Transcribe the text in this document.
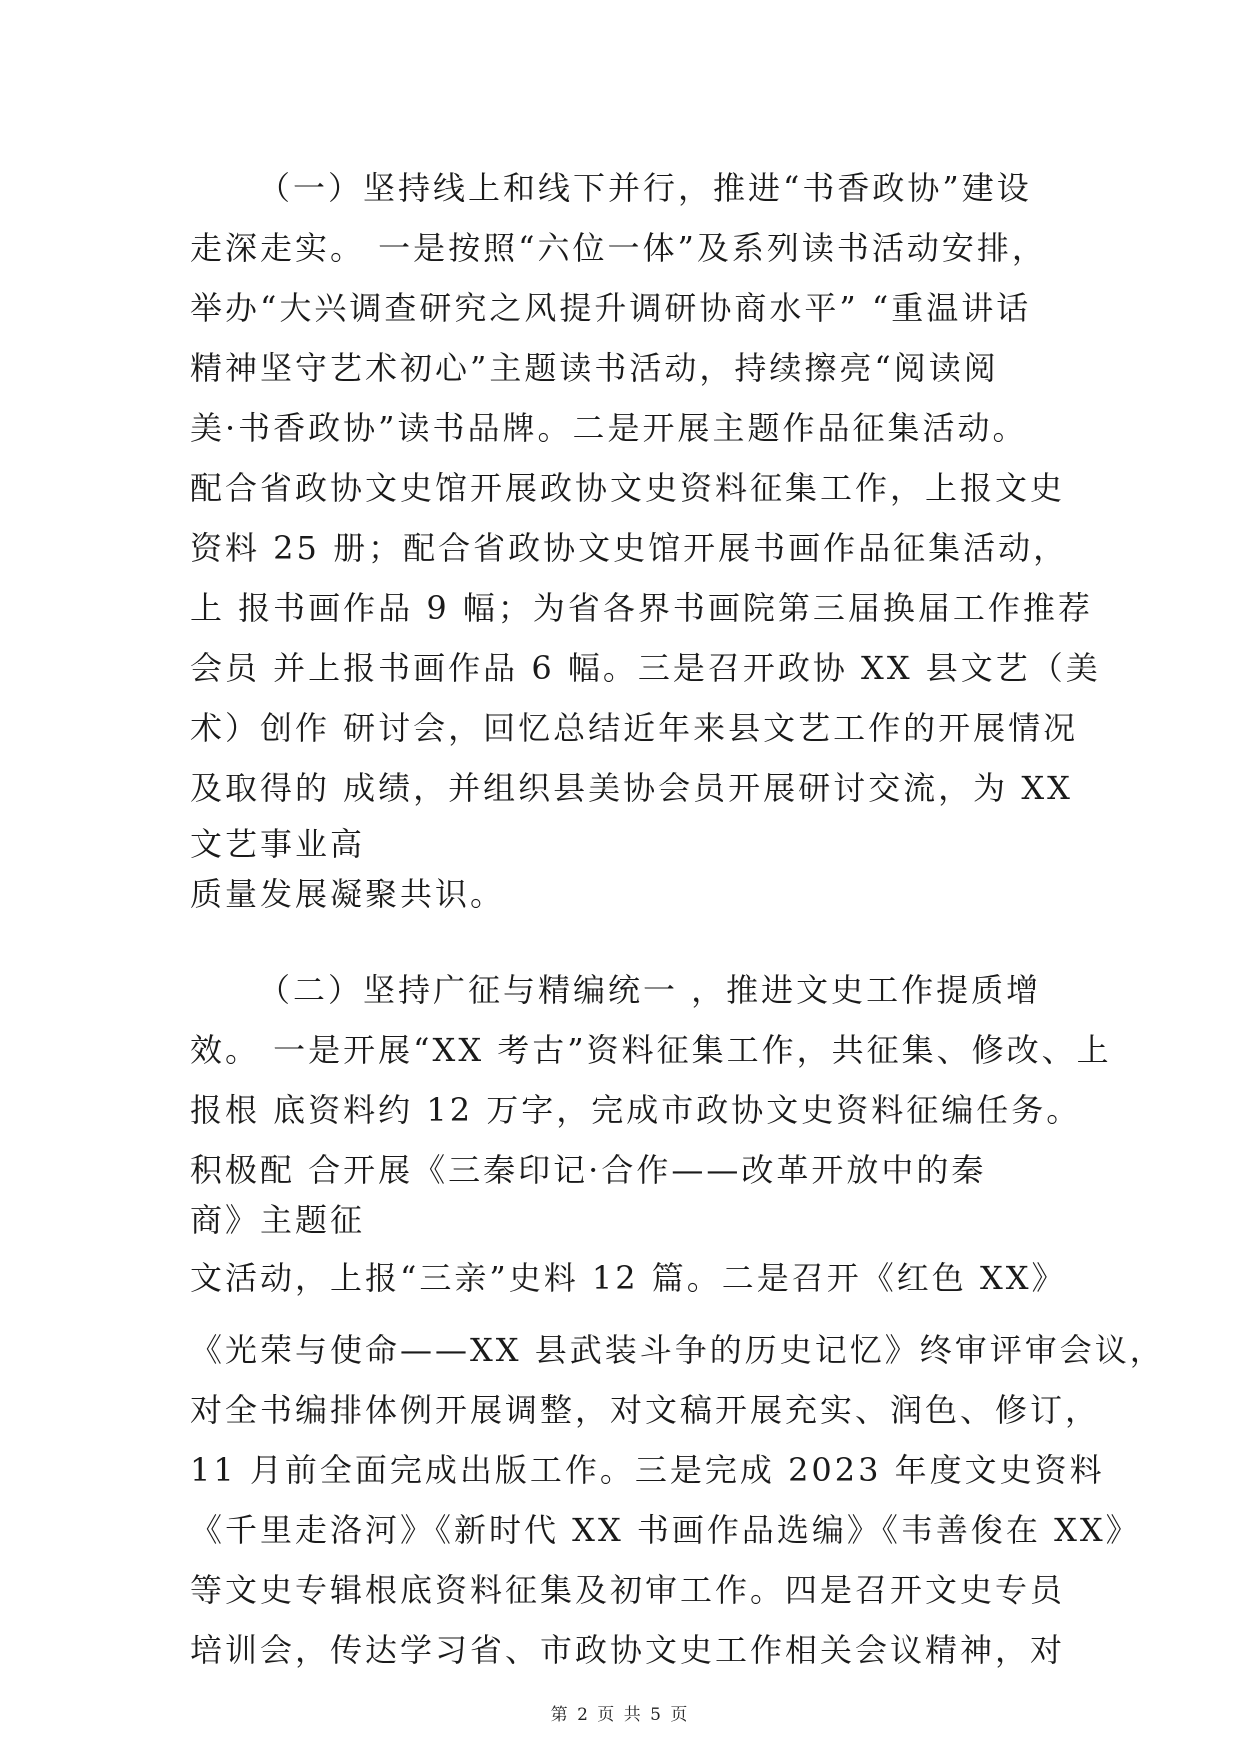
（一）坚持线上和线下并行，推进“书香政协”建设
走深走实。 一是按照“六位一体”及系列读书活动安排，
举办“大兴调查研究之风提升调研协商水平” “重温讲话
精神坚守艺术初心”主题读书活动，持续擦亮“阅读阅
美·书香政协”读书品牌。二是开展主题作品征集活动。
配合省政协文史馆开展政协文史资料征集工作，上报文史
资料 25 册；配合省政协文史馆开展书画作品征集活动，
上 报书画作品 9 幅；为省各界书画院第三届换届工作推荐
会员 并上报书画作品 6 幅。三是召开政协 XX 县文艺（美
术）创作 研讨会，回忆总结近年来县文艺工作的开展情况
及取得的 成绩，并组织县美协会员开展研讨交流，为 XX
文艺事业高
质量发展凝聚共识。
（二）坚持广征与精编统一 ，推进文史工作提质增
效。 一是开展“XX 考古”资料征集工作，共征集、修改、上
报根 底资料约 12 万字，完成市政协文史资料征编任务。
积极配 合开展《三秦印记·合作——改革开放中的秦
商》主题征
文活动，上报“三亲”史料 12 篇。二是召开《红色 XX》
《光荣与使命——XX 县武装斗争的历史记忆》终审评审会议，
对全书编排体例开展调整，对文稿开展充实、润色、修订，
11 月前全面完成出版工作。三是完成 2023 年度文史资料
《千里走洛河》《新时代 XX 书画作品选编》《韦善俊在 XX》
等文史专辑根底资料征集及初审工作。四是召开文史专员
培训会，传达学习省、市政协文史工作相关会议精神，对
第 2 页 共 5 页
